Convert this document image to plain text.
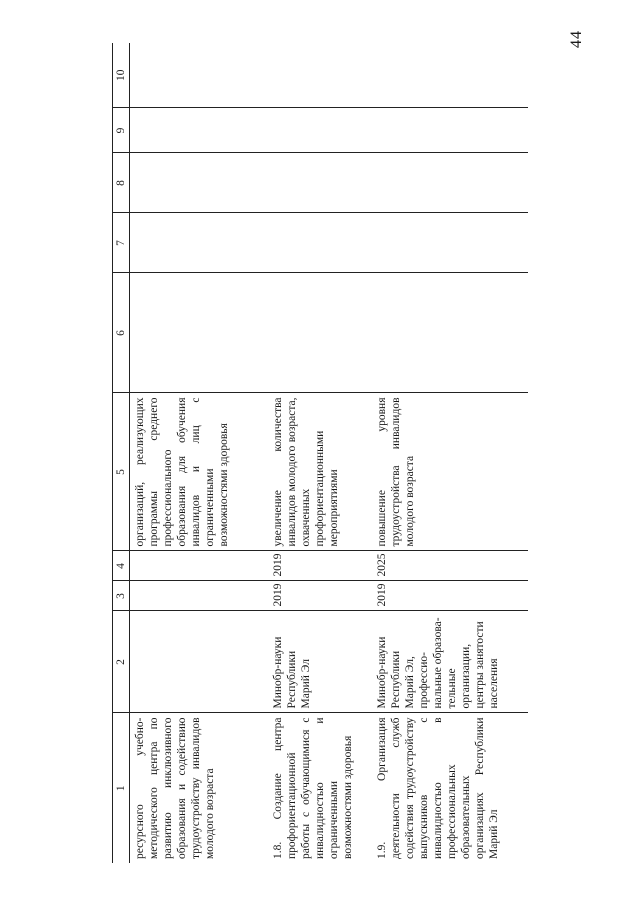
44
1	2	3	4	5	6	7	8	9	10
ресурсного учебно-методического центра по развитию инклюзивного образования и содействию трудоустройству инвалидов молодого возраста				организаций, реализующих программы среднего профессионального образования для обучения инвалидов и лиц с ограниченными возможностями здоровья					
1.8. Создание центра профориентационной работы с обучающимися с инвалидностью и ограниченными возможностями здоровья	Минобр-науки Республики Марий Эл	2019	2019	увеличение количества инвалидов молодого возраста, охваченных профориентационными мероприятиями					
1.9. Организация деятельности служб содействия трудоустройству выпускников с инвалидностью в профессиональных образовательных организациях Республики Марий Эл	Минобр-науки Республики Марий Эл, профессио-нальные образова-тельные организации, центры занятости населения	2019	2025	повышение уровня трудоустройства инвалидов молодого возраста					
